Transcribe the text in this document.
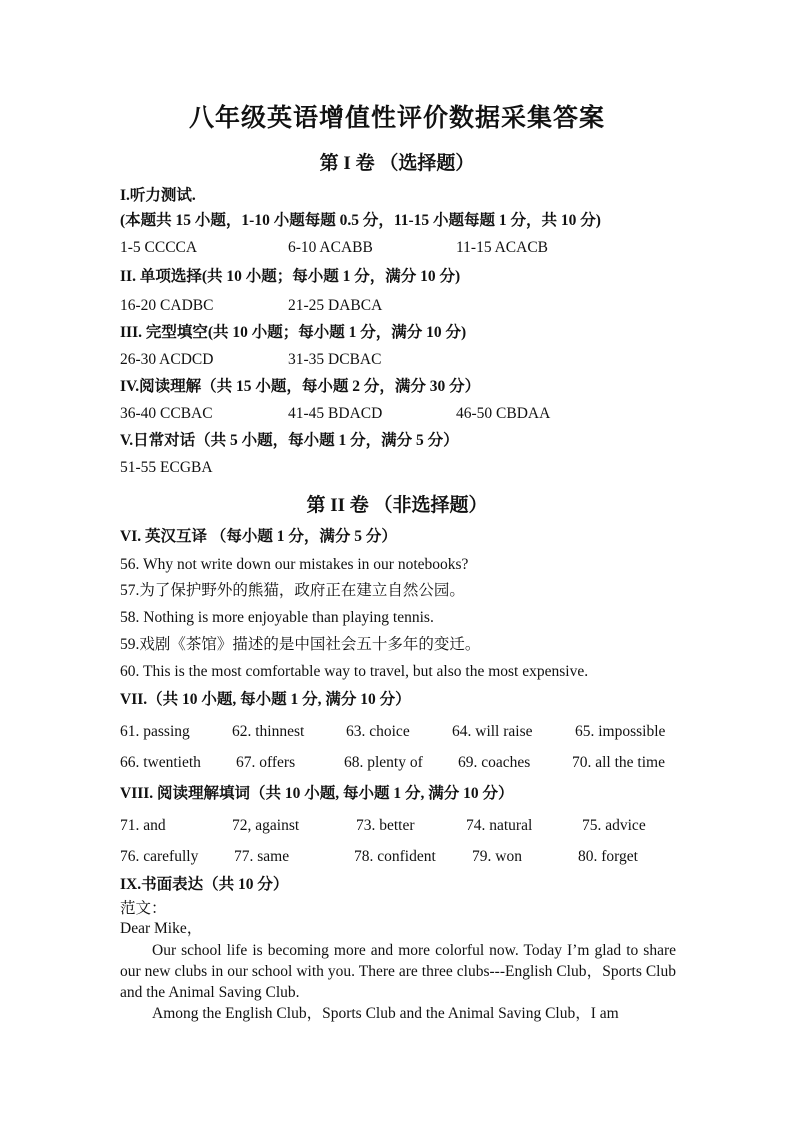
八年级英语增值性评价数据采集答案
第 I 卷 （选择题）
I.听力测试.
(本题共 15 小题，1-10 小题每题 0.5 分，11-15 小题每题 1 分，共 10 分)
1-5 CCCCA	6-10 ACABB	11-15 ACACB
II. 单项选择(共 10 小题；每小题 1 分，满分 10 分)
16-20 CADBC	21-25 DABCA
III. 完型填空(共 10 小题；每小题 1 分，满分 10 分)
26-30 ACDCD	31-35 DCBAC
IV.阅读理解（共 15 小题，每小题 2 分，满分 30 分）
36-40 CCBAC	41-45 BDACD	46-50 CBDAA
V.日常对话（共 5 小题，每小题 1 分，满分 5 分）
51-55 ECGBA
第 II 卷 （非选择题）
VI. 英汉互译 （每小题 1 分，满分 5 分）
56. Why not write down our mistakes in our notebooks?
57.为了保护野外的熊猫，政府正在建立自然公园。
58. Nothing is more enjoyable than playing tennis.
59.戏剧《茶馆》描述的是中国社会五十多年的变迁。
60. This is the most comfortable way to travel, but also the most expensive.
VII.（共 10 小题, 每小题 1 分, 满分 10 分）
61. passing	62. thinnest	63. choice	64. will raise	65. impossible
66. twentieth 67. offers	68. plenty of 69. coaches	70. all the time
VIII. 阅读理解填词（共 10 小题, 每小题 1 分, 满分 10 分）
71. and	72, against	73. better	74. natural	75. advice
76. carefully 77. same	78. confident 79. won	80. forget
IX.书面表达（共 10 分）
范文：
Dear Mike，
Our school life is becoming more and more colorful now. Today I’m glad to share our new clubs in our school with you. There are three clubs---English Club，Sports Club and the Animal Saving Club.
Among the English Club，Sports Club and the Animal Saving Club，I am
